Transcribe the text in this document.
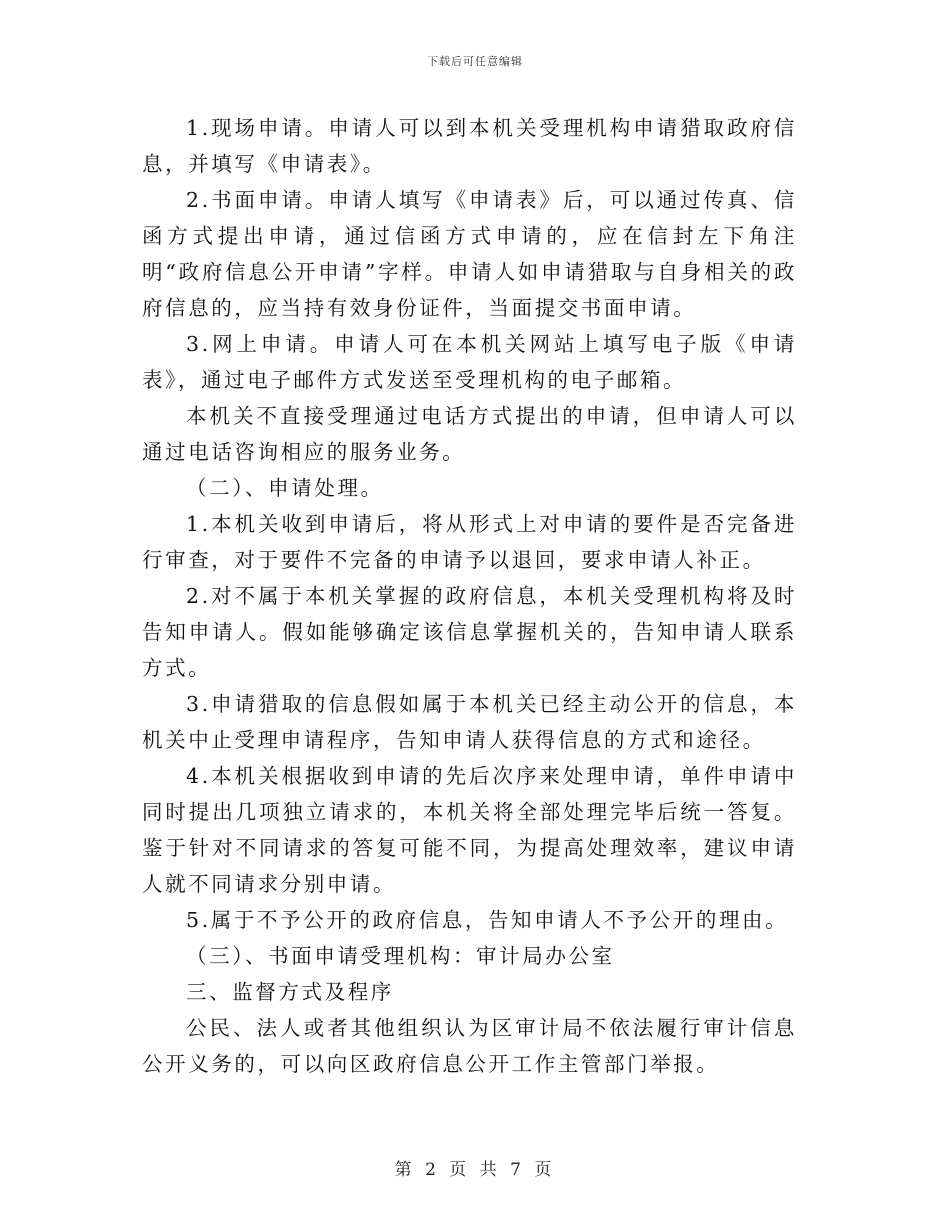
下载后可任意编辑

1.现场申请。申请人可以到本机关受理机构申请猎取政府信息，并填写《申请表》。

2.书面申请。申请人填写《申请表》后，可以通过传真、信函方式提出申请，通过信函方式申请的，应在信封左下角注明“政府信息公开申请”字样。申请人如申请猎取与自身相关的政府信息的，应当持有效身份证件，当面提交书面申请。

3.网上申请。申请人可在本机关网站上填写电子版《申请表》，通过电子邮件方式发送至受理机构的电子邮箱。

本机关不直接受理通过电话方式提出的申请，但申请人可以通过电话咨询相应的服务业务。

（二）、申请处理。

1.本机关收到申请后，将从形式上对申请的要件是否完备进行审查，对于要件不完备的申请予以退回，要求申请人补正。

2.对不属于本机关掌握的政府信息，本机关受理机构将及时告知申请人。假如能够确定该信息掌握机关的，告知申请人联系方式。

3.申请猎取的信息假如属于本机关已经主动公开的信息，本机关中止受理申请程序，告知申请人获得信息的方式和途径。

4.本机关根据收到申请的先后次序来处理申请，单件申请中同时提出几项独立请求的，本机关将全部处理完毕后统一答复。鉴于针对不同请求的答复可能不同，为提高处理效率，建议申请人就不同请求分别申请。

5.属于不予公开的政府信息，告知申请人不予公开的理由。

（三）、书面申请受理机构：审计局办公室

三、监督方式及程序

公民、法人或者其他组织认为区审计局不依法履行审计信息公开义务的，可以向区政府信息公开工作主管部门举报。

第 2 页 共 7 页
